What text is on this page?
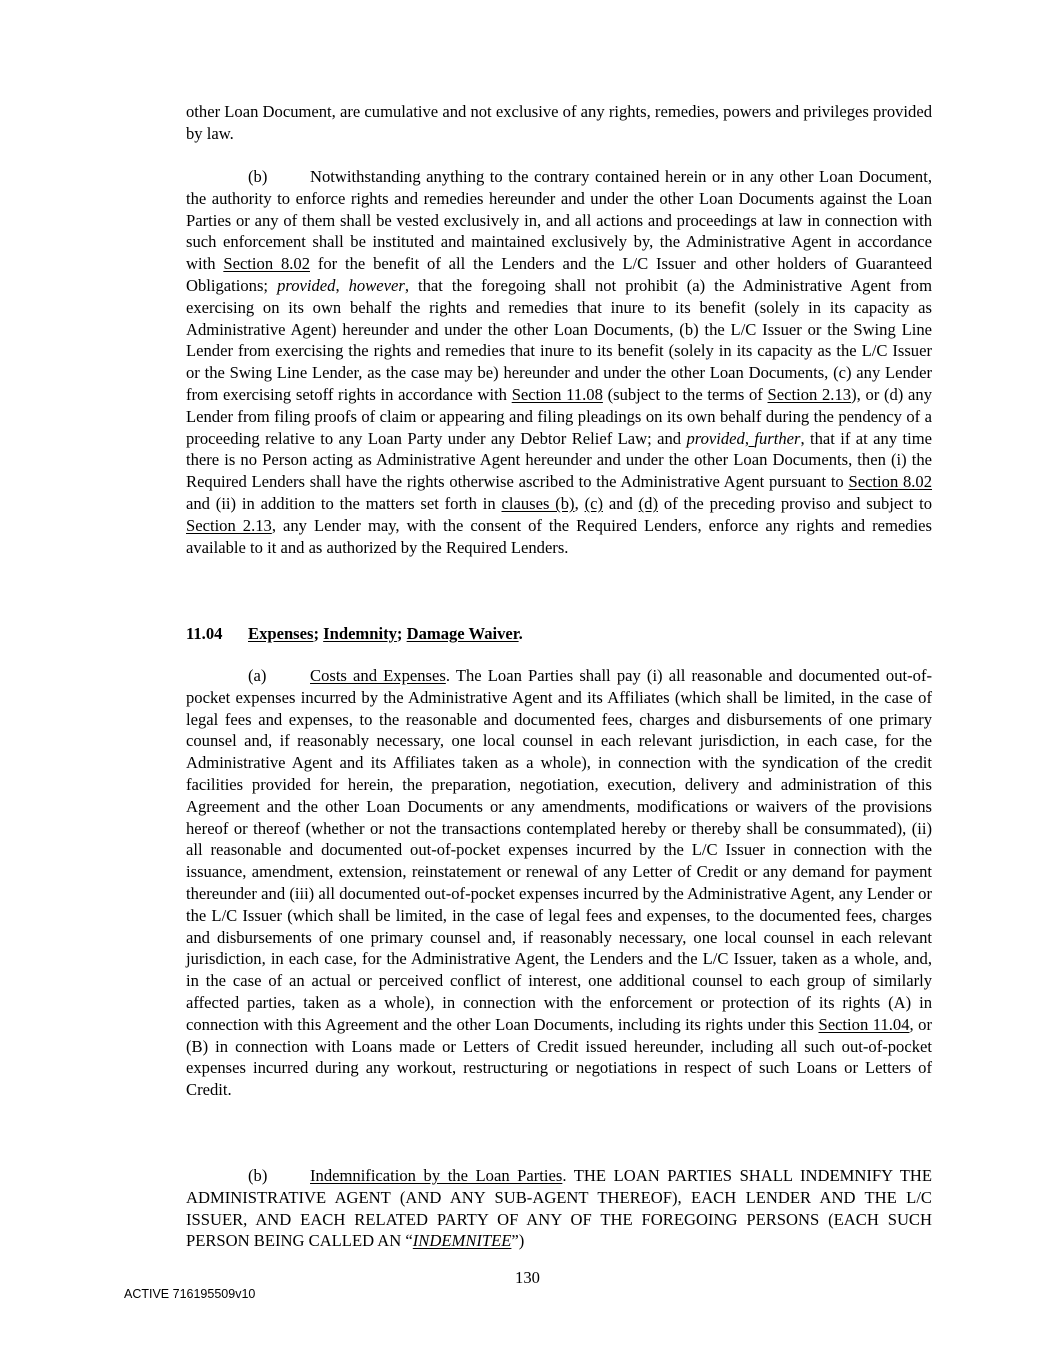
other Loan Document, are cumulative and not exclusive of any rights, remedies, powers and privileges provided by law.

(b)	Notwithstanding anything to the contrary contained herein or in any other Loan Document, the authority to enforce rights and remedies hereunder and under the other Loan Documents against the Loan Parties or any of them shall be vested exclusively in, and all actions and proceedings at law in connection with such enforcement shall be instituted and maintained exclusively by, the Administrative Agent in accordance with Section 8.02 for the benefit of all the Lenders and the L/C Issuer and other holders of Guaranteed Obligations; provided, however, that the foregoing shall not prohibit (a) the Administrative Agent from exercising on its own behalf the rights and remedies that inure to its benefit (solely in its capacity as Administrative Agent) hereunder and under the other Loan Documents, (b) the L/C Issuer or the Swing Line Lender from exercising the rights and remedies that inure to its benefit (solely in its capacity as the L/C Issuer or the Swing Line Lender, as the case may be) hereunder and under the other Loan Documents, (c) any Lender from exercising setoff rights in accordance with Section 11.08 (subject to the terms of Section 2.13), or (d) any Lender from filing proofs of claim or appearing and filing pleadings on its own behalf during the pendency of a proceeding relative to any Loan Party under any Debtor Relief Law; and provided, further, that if at any time there is no Person acting as Administrative Agent hereunder and under the other Loan Documents, then (i) the Required Lenders shall have the rights otherwise ascribed to the Administrative Agent pursuant to Section 8.02 and (ii) in addition to the matters set forth in clauses (b), (c) and (d) of the preceding proviso and subject to Section 2.13, any Lender may, with the consent of the Required Lenders, enforce any rights and remedies available to it and as authorized by the Required Lenders.

11.04 Expenses; Indemnity; Damage Waiver.

(a)	Costs and Expenses. The Loan Parties shall pay (i) all reasonable and documented out-of-pocket expenses incurred by the Administrative Agent and its Affiliates (which shall be limited, in the case of legal fees and expenses, to the reasonable and documented fees, charges and disbursements of one primary counsel and, if reasonably necessary, one local counsel in each relevant jurisdiction, in each case, for the Administrative Agent and its Affiliates taken as a whole), in connection with the syndication of the credit facilities provided for herein, the preparation, negotiation, execution, delivery and administration of this Agreement and the other Loan Documents or any amendments, modifications or waivers of the provisions hereof or thereof (whether or not the transactions contemplated hereby or thereby shall be consummated), (ii) all reasonable and documented out-of-pocket expenses incurred by the L/C Issuer in connection with the issuance, amendment, extension, reinstatement or renewal of any Letter of Credit or any demand for payment thereunder and (iii) all documented out-of-pocket expenses incurred by the Administrative Agent, any Lender or the L/C Issuer (which shall be limited, in the case of legal fees and expenses, to the documented fees, charges and disbursements of one primary counsel and, if reasonably necessary, one local counsel in each relevant jurisdiction, in each case, for the Administrative Agent, the Lenders and the L/C Issuer, taken as a whole, and, in the case of an actual or perceived conflict of interest, one additional counsel to each group of similarly affected parties, taken as a whole), in connection with the enforcement or protection of its rights (A) in connection with this Agreement and the other Loan Documents, including its rights under this Section 11.04, or (B) in connection with Loans made or Letters of Credit issued hereunder, including all such out-of-pocket expenses incurred during any workout, restructuring or negotiations in respect of such Loans or Letters of Credit.

(b)	Indemnification by the Loan Parties. THE LOAN PARTIES SHALL INDEMNIFY THE ADMINISTRATIVE AGENT (AND ANY SUB-AGENT THEREOF), EACH LENDER AND THE L/C ISSUER, AND EACH RELATED PARTY OF ANY OF THE FOREGOING PERSONS (EACH SUCH PERSON BEING CALLED AN “INDEMNITEE”)

130
ACTIVE 716195509v10
